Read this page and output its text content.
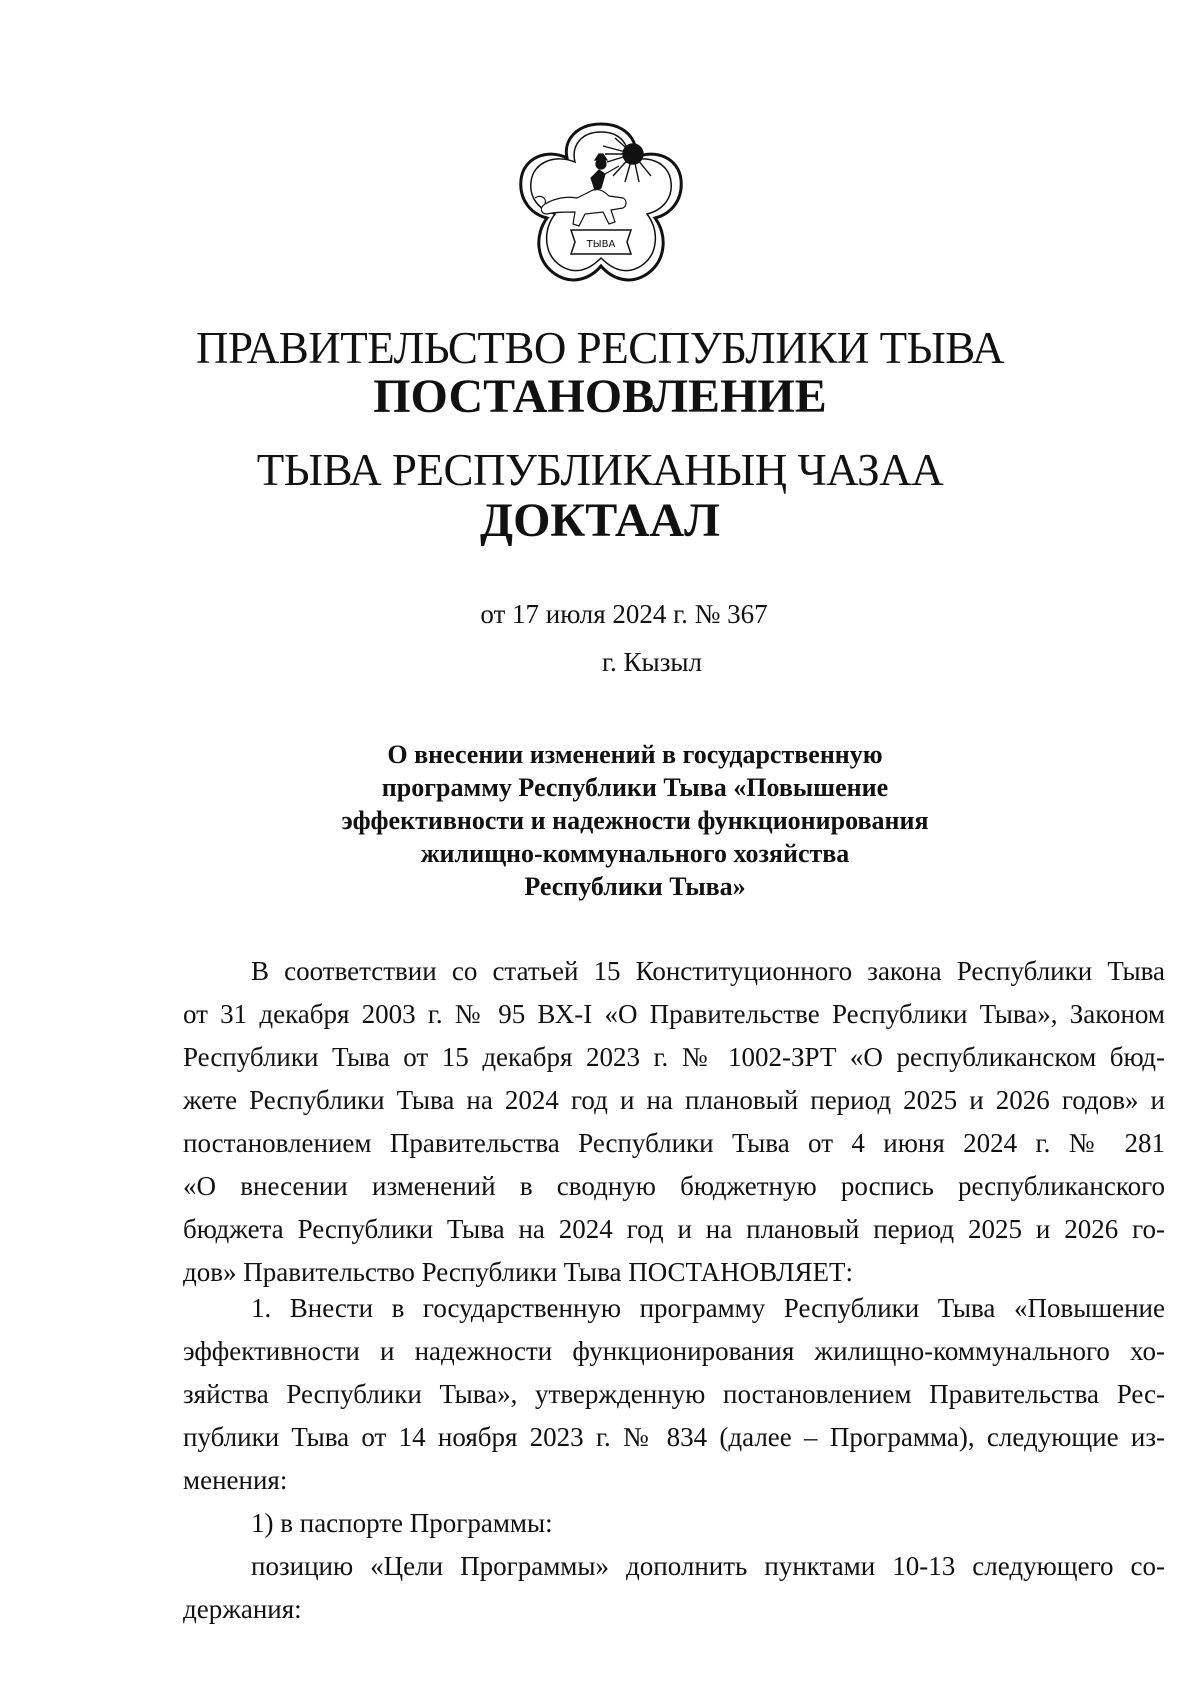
ТЫВА
ПРАВИТЕЛЬСТВО РЕСПУБЛИКИ ТЫВА
ПОСТАНОВЛЕНИЕ
ТЫВА РЕСПУБЛИКАНЫҢ ЧАЗАА
ДОКТААЛ
от 17 июля 2024 г. № 367
г. Кызыл
О внесении изменений в государственную
программу Республики Тыва «Повышение
эффективности и надежности функционирования
жилищно-коммунального хозяйства
Республики Тыва»
В соответствии со статьей 15 Конституционного закона Республики Тыва
от 31 декабря 2003 г. № 95 ВХ-I «О Правительстве Республики Тыва», Законом
Республики Тыва от 15 декабря 2023 г. № 1002-ЗРТ «О республиканском бюд-
жете Республики Тыва на 2024 год и на плановый период 2025 и 2026 годов» и
постановлением Правительства Республики Тыва от 4 июня 2024 г. № 281
«О внесении изменений в сводную бюджетную роспись республиканского
бюджета Республики Тыва на 2024 год и на плановый период 2025 и 2026 го-
дов» Правительство Республики Тыва ПОСТАНОВЛЯЕТ:
1. Внести в государственную программу Республики Тыва «Повышение
эффективности и надежности функционирования жилищно-коммунального хо-
зяйства Республики Тыва», утвержденную постановлением Правительства Рес-
публики Тыва от 14 ноября 2023 г. № 834 (далее – Программа), следующие из-
менения:
1) в паспорте Программы:
позицию «Цели Программы» дополнить пунктами 10-13 следующего со-
держания:
